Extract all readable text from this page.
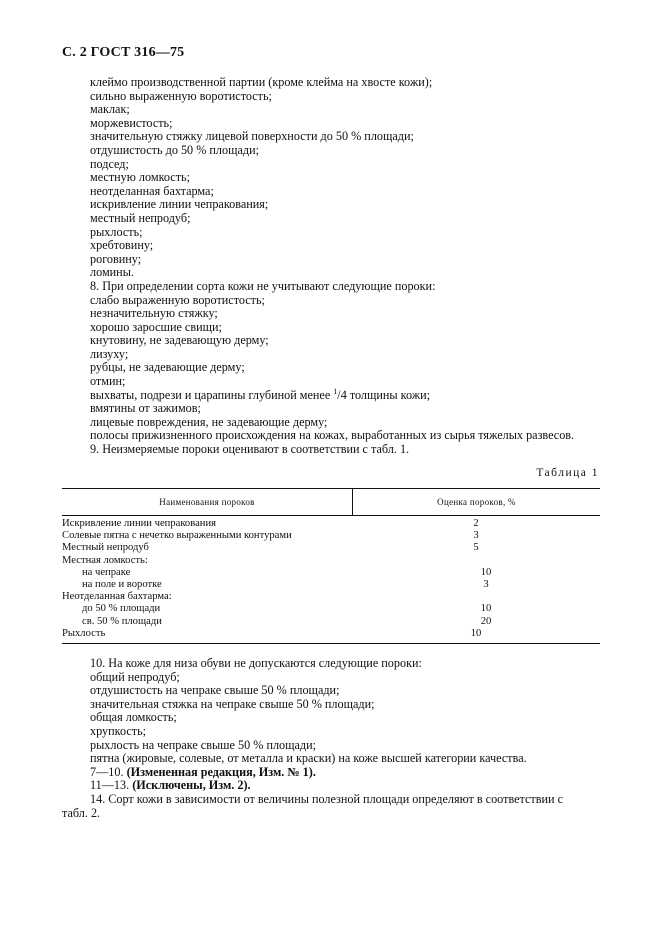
С. 2 ГОСТ 316—75
клеймо производственной партии (кроме клейма на хвосте кожи);
сильно выраженную воротистость;
маклак;
моржевистость;
значительную стяжку лицевой поверхности до 50 % площади;
отдушистость до 50 % площади;
подсед;
местную ломкость;
неотделанная бахтарма;
искривление линии чепракования;
местный непродуб;
рыхлость;
хребтовину;
роговину;
ломины.
8. При определении сорта кожи не учитывают следующие пороки:
слабо выраженную воротистость;
незначительную стяжку;
хорошо заросшие свищи;
кнутовину, не задевающую дерму;
лизуху;
рубцы, не задевающие дерму;
отмин;
выхваты, подрези и царапины глубиной менее $^1$/4 толщины кожи;
вмятины от зажимов;
лицевые повреждения, не задевающие дерму;
полосы прижизненного происхождения на кожах, выработанных из сырья тяжелых развесов.
9. Неизмеряемые пороки оценивают в соответствии с табл. 1.
Таблица 1
Наименования пороков	Оценка пороков, %
Искривление линии чепракования	2
Солевые пятна с нечетко выраженными контурами	3
Местный непродуб	5
Местная ломкость:
на чепраке	10
на поле и воротке	3
Неотделанная бахтарма:
до 50 % площади	10
св. 50 % площади	20
Рыхлость	10
10. На коже для низа обуви не допускаются следующие пороки:
общий непродуб;
отдушистость на чепраке свыше 50 % площади;
значительная стяжка на чепраке свыше 50 % площади;
общая ломкость;
хрупкость;
рыхлость на чепраке свыше 50 % площади;
пятна (жировые, солевые, от металла и краски) на коже высшей категории качества.
7—10. (Измененная редакция, Изм. № 1).
11—13. (Исключены, Изм. 2).
14. Сорт кожи в зависимости от величины полезной площади определяют в соответствии с
табл. 2.
